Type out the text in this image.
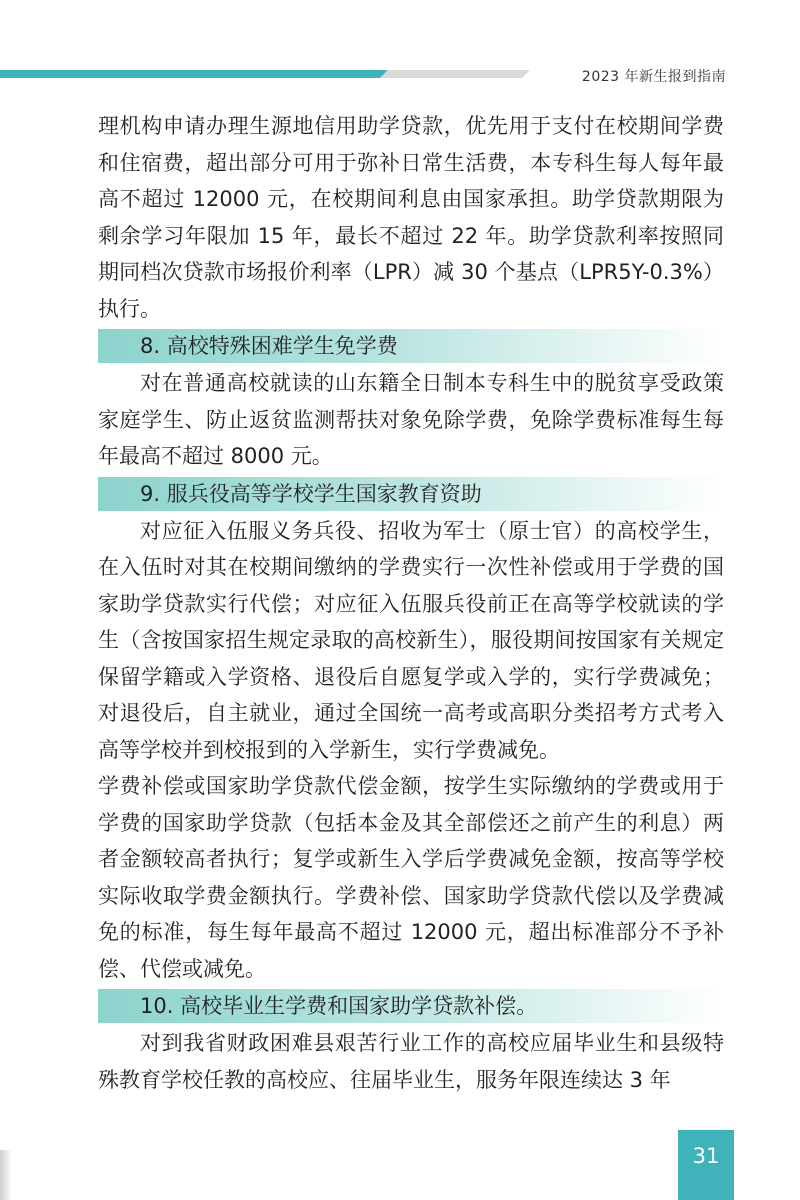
2023 年新生报到指南

理机构申请办理生源地信用助学贷款，优先用于支付在校期间学费和住宿费，超出部分可用于弥补日常生活费，本专科生每人每年最高不超过 12000 元，在校期间利息由国家承担。助学贷款期限为剩余学习年限加 15 年，最长不超过 22 年。助学贷款利率按照同期同档次贷款市场报价利率（LPR）减 30 个基点（LPR5Y-0.3%）执行。

8. 高校特殊困难学生免学费

对在普通高校就读的山东籍全日制本专科生中的脱贫享受政策家庭学生、防止返贫监测帮扶对象免除学费，免除学费标准每生每年最高不超过 8000 元。

9. 服兵役高等学校学生国家教育资助

对应征入伍服义务兵役、招收为军士（原士官）的高校学生，在入伍时对其在校期间缴纳的学费实行一次性补偿或用于学费的国家助学贷款实行代偿；对应征入伍服兵役前正在高等学校就读的学生（含按国家招生规定录取的高校新生），服役期间按国家有关规定保留学籍或入学资格、退役后自愿复学或入学的，实行学费减免；对退役后，自主就业，通过全国统一高考或高职分类招考方式考入高等学校并到校报到的入学新生，实行学费减免。

学费补偿或国家助学贷款代偿金额，按学生实际缴纳的学费或用于学费的国家助学贷款（包括本金及其全部偿还之前产生的利息）两者金额较高者执行；复学或新生入学后学费减免金额，按高等学校实际收取学费金额执行。学费补偿、国家助学贷款代偿以及学费减免的标准，每生每年最高不超过 12000 元，超出标准部分不予补偿、代偿或减免。

10. 高校毕业生学费和国家助学贷款补偿。

对到我省财政困难县艰苦行业工作的高校应届毕业生和县级特殊教育学校任教的高校应、往届毕业生，服务年限连续达 3 年

31
